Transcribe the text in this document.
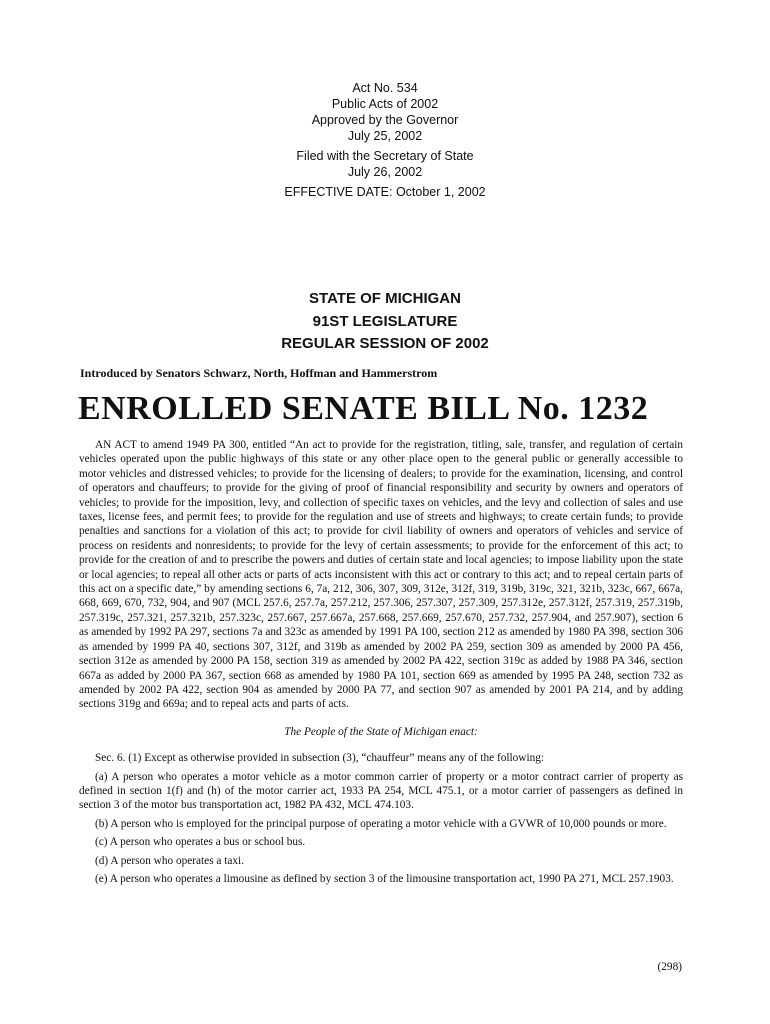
Act No. 534
Public Acts of 2002
Approved by the Governor
July 25, 2002
Filed with the Secretary of State
July 26, 2002
EFFECTIVE DATE: October 1, 2002
STATE OF MICHIGAN
91ST LEGISLATURE
REGULAR SESSION OF 2002
Introduced by Senators Schwarz, North, Hoffman and Hammerstrom
ENROLLED SENATE BILL No. 1232

AN ACT to amend 1949 PA 300, entitled “An act to provide for the registration, titling, sale, transfer, and regulation of certain vehicles operated upon the public highways of this state or any other place open to the general public or generally accessible to motor vehicles and distressed vehicles; to provide for the licensing of dealers; to provide for the examination, licensing, and control of operators and chauffeurs; to provide for the giving of proof of financial responsibility and security by owners and operators of vehicles; to provide for the imposition, levy, and collection of specific taxes on vehicles, and the levy and collection of sales and use taxes, license fees, and permit fees; to provide for the regulation and use of streets and highways; to create certain funds; to provide penalties and sanctions for a violation of this act; to provide for civil liability of owners and operators of vehicles and service of process on residents and nonresidents; to provide for the levy of certain assessments; to provide for the enforcement of this act; to provide for the creation of and to prescribe the powers and duties of certain state and local agencies; to impose liability upon the state or local agencies; to repeal all other acts or parts of acts inconsistent with this act or contrary to this act; and to repeal certain parts of this act on a specific date,” by amending sections 6, 7a, 212, 306, 307, 309, 312e, 312f, 319, 319b, 319c, 321, 321b, 323c, 667, 667a, 668, 669, 670, 732, 904, and 907 (MCL 257.6, 257.7a, 257.212, 257.306, 257.307, 257.309, 257.312e, 257.312f, 257.319, 257.319b, 257.319c, 257.321, 257.321b, 257.323c, 257.667, 257.667a, 257.668, 257.669, 257.670, 257.732, 257.904, and 257.907), section 6 as amended by 1992 PA 297, sections 7a and 323c as amended by 1991 PA 100, section 212 as amended by 1980 PA 398, section 306 as amended by 1999 PA 40, sections 307, 312f, and 319b as amended by 2002 PA 259, section 309 as amended by 2000 PA 456, section 312e as amended by 2000 PA 158, section 319 as amended by 2002 PA 422, section 319c as added by 1988 PA 346, section 667a as added by 2000 PA 367, section 668 as amended by 1980 PA 101, section 669 as amended by 1995 PA 248, section 732 as amended by 2002 PA 422, section 904 as amended by 2000 PA 77, and section 907 as amended by 2001 PA 214, and by adding sections 319g and 669a; and to repeal acts and parts of acts.

The People of the State of Michigan enact:

Sec. 6. (1) Except as otherwise provided in subsection (3), “chauffeur” means any of the following:

(a) A person who operates a motor vehicle as a motor common carrier of property or a motor contract carrier of property as defined in section 1(f) and (h) of the motor carrier act, 1933 PA 254, MCL 475.1, or a motor carrier of passengers as defined in section 3 of the motor bus transportation act, 1982 PA 432, MCL 474.103.

(b) A person who is employed for the principal purpose of operating a motor vehicle with a GVWR of 10,000 pounds or more.

(c) A person who operates a bus or school bus.

(d) A person who operates a taxi.

(e) A person who operates a limousine as defined by section 3 of the limousine transportation act, 1990 PA 271, MCL 257.1903.

(298)
